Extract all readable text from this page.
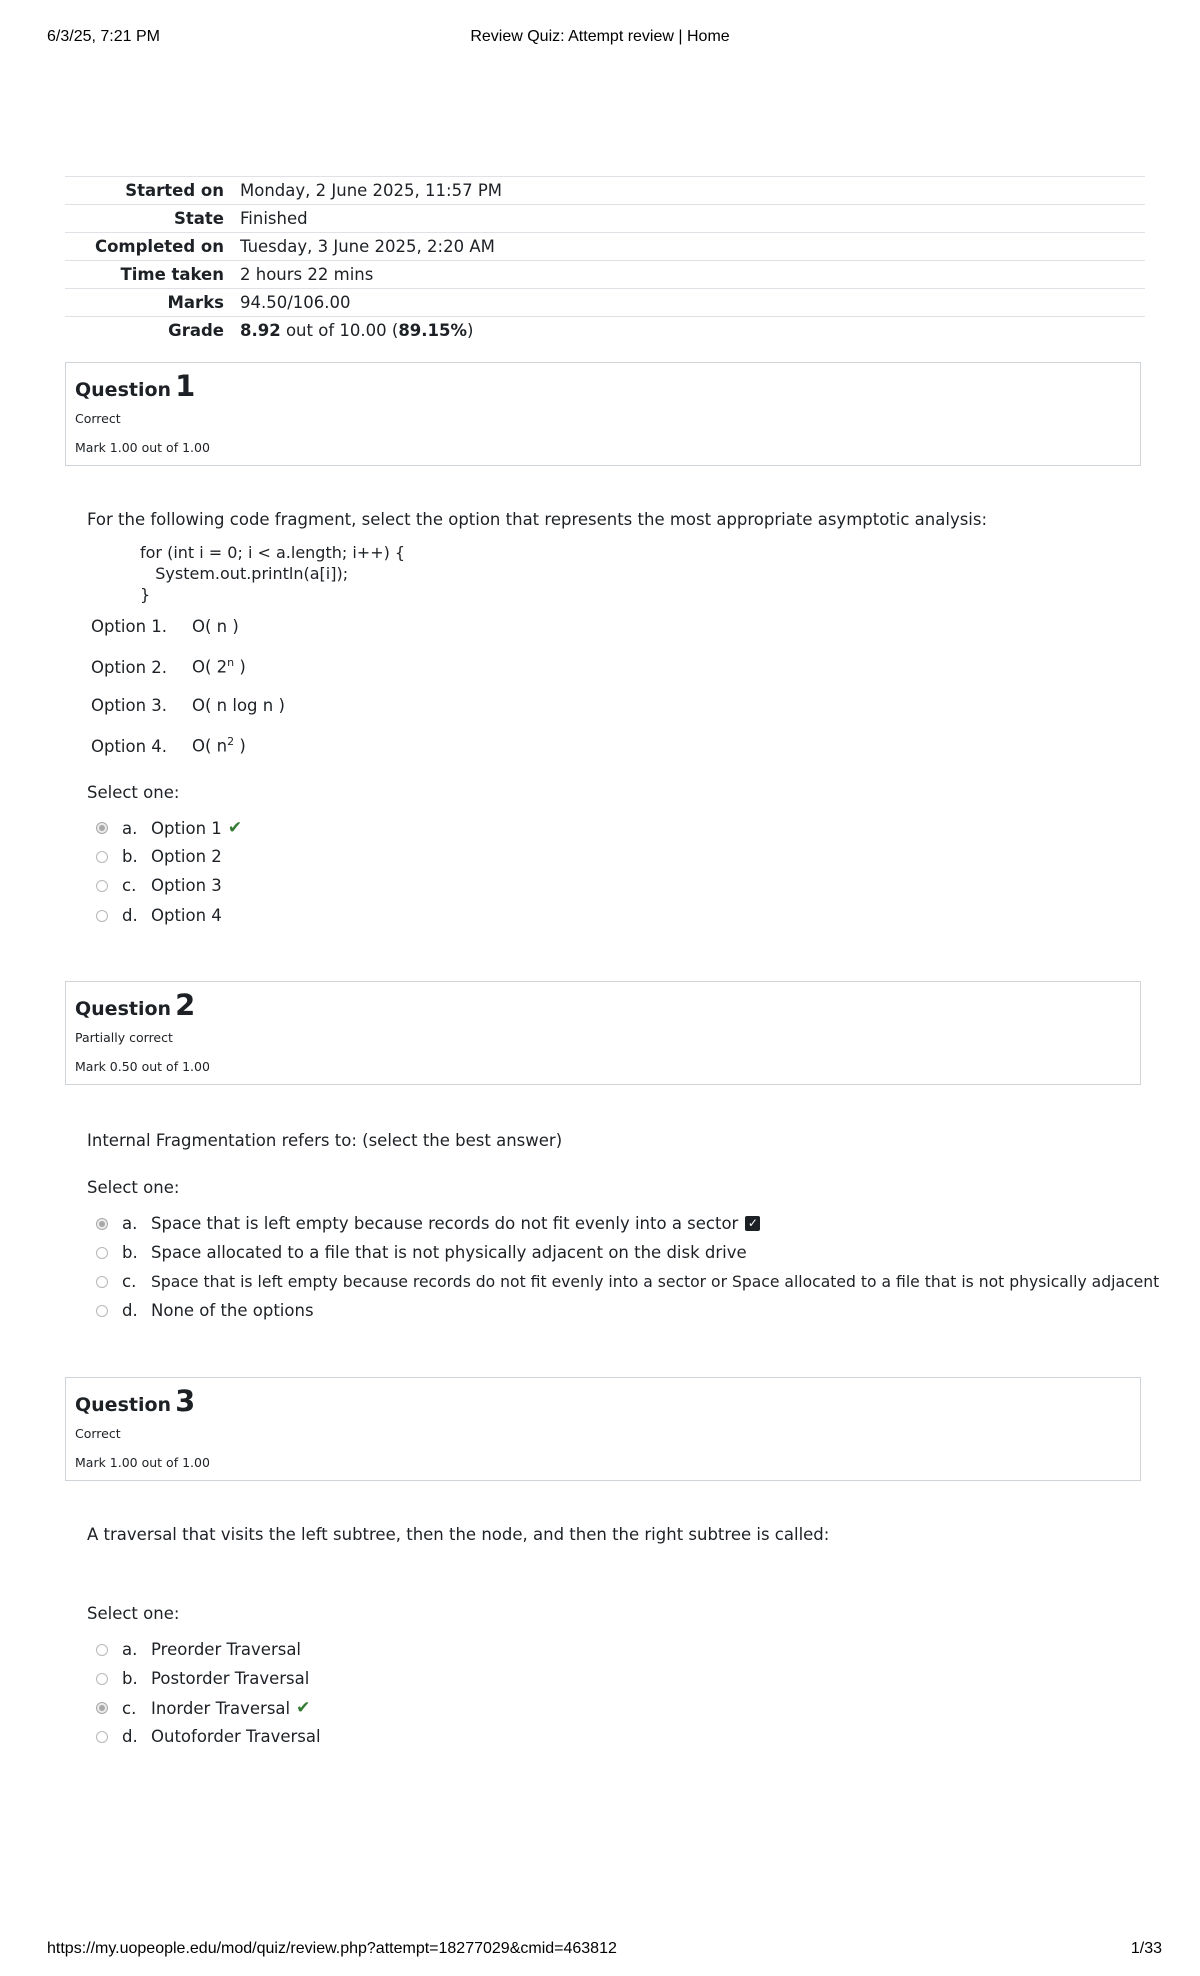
6/3/25, 7:21 PM	Review Quiz: Attempt review | Home
Started on	Monday, 2 June 2025, 11:57 PM
State	Finished
Completed on	Tuesday, 3 June 2025, 2:20 AM
Time taken	2 hours 22 mins
Marks	94.50/106.00
Grade	8.92 out of 10.00 (89.15%)
Question 1
Correct
Mark 1.00 out of 1.00
For the following code fragment, select the option that represents the most appropriate asymptotic analysis:
for (int i = 0; i < a.length; i++) {
System.out.println(a[i]);
}
Option 1. O( n )
Option 2. O( 2$^n$ )
Option 3. O( n log n )
Option 4. O( $n^2$ )
Select one:
a. Option 1 ✔
b. Option 2
c. Option 3
d. Option 4
Question 2
Partially correct
Mark 0.50 out of 1.00
Internal Fragmentation refers to: (select the best answer)
Select one:
a. Space that is left empty because records do not fit evenly into a sector ✓
b. Space allocated to a file that is not physically adjacent on the disk drive
c. Space that is left empty because records do not fit evenly into a sector or Space allocated to a file that is not physically adjacent
d. None of the options
Question 3
Correct
Mark 1.00 out of 1.00
A traversal that visits the left subtree, then the node, and then the right subtree is called:
Select one:
a. Preorder Traversal
b. Postorder Traversal
c. Inorder Traversal ✔
d. Outoforder Traversal
https://my.uopeople.edu/mod/quiz/review.php?attempt=18277029&cmid=463812	1/33
